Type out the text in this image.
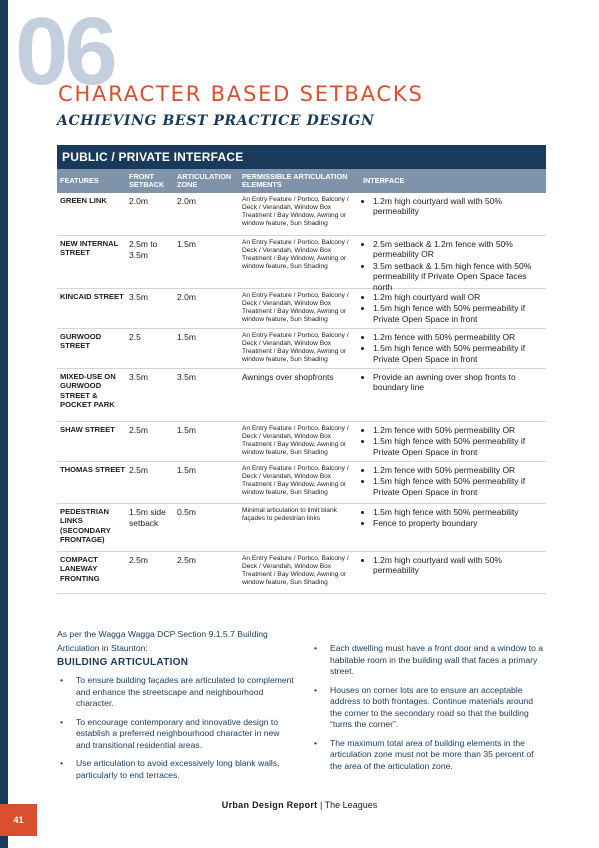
06
CHARACTER BASED SETBACKS
ACHIEVING BEST PRACTICE DESIGN
PUBLIC / PRIVATE INTERFACE
FEATURES	FRONT SETBACK
ARTICULATION ZONE
PERMISSIBLE ARTICULATION ELEMENTS	INTERFACE
GREEN LINK	2.0m	2.0m	An Entry Feature / Portico, Balcony / Deck / Verandah, Window Box Treatment / Bay Window, Awning or window feature, Sun Shading
• 1.2m high courtyard wall with 50% permeability
NEW INTERNAL STREET
2.5m to 3.5m
1.5m	An Entry Feature / Portico, Balcony / Deck / Verandah, Window Box Treatment / Bay Window, Awning or window feature, Sun Shading
• 2.5m setback & 1.2m fence with 50% permeability OR
• 3.5m setback & 1.5m high fence with 50% permeability if Private Open Space faces north
KINCAID STREET 3.5m	2.0m	An Entry Feature / Portico, Balcony / Deck / Verandah, Window Box Treatment / Bay Window, Awning or window feature, Sun Shading
• 1.2m high courtyard wall OR
• 1.5m high fence with 50% permeability if Private Open Space in front
GURWOOD STREET
2.5	1.5m	An Entry Feature / Portico, Balcony / Deck / Verandah, Window Box Treatment / Bay Window, Awning or window feature, Sun Shading
• 1.2m fence with 50% permeability OR
• 1.5m high fence with 50% permeability if Private Open Space in front
MIXED-USE ON GURWOOD STREET & POCKET PARK
3.5m	3.5m	Awnings over shopfronts
•	Provide an awning over shop fronts to boundary line
SHAW STREET	2.5m	1.5m	An Entry Feature / Portico, Balcony / Deck / Verandah, Window Box Treatment / Bay Window, Awning or window feature, Sun Shading
• 1.2m fence with 50% permeability OR
• 1.5m high fence with 50% permeability if Private Open Space in front
THOMAS STREET 2.5m	1.5m	An Entry Feature / Portico, Balcony / Deck / Verandah, Window Box Treatment / Bay Window, Awning or window feature, Sun Shading
• 1.2m fence with 50% permeability OR
• 1.5m high fence with 50% permeability if Private Open Space in front
PEDESTRIAN LINKS (SECONDARY FRONTAGE)
1.5m side setback
0.5m	Minimal articulation to limit blank façades to pedestrian links
• 1.5m high fence with 50% permeability
• Fence to property boundary
COMPACT LANEWAY FRONTING
2.5m	2.5m	An Entry Feature / Portico, Balcony / Deck / Verandah, Window Box Treatment / Bay Window, Awning or window feature, Sun Shading
• 1.2m high courtyard wall with 50% permeability
As per the Wagga Wagga DCP Section 9.1.5.7 Building Articulation in Staunton:
BUILDING ARTICULATION
• To ensure building façades are articulated to complement and enhance the streetscape and neighbourhood character.
• To encourage contemporary and innovative design to establish a preferred neighbourhood character in new and transitional residential areas.
• Use articulation to avoid excessively long blank walls, particularly to end terraces.
• Each dwelling must have a front door and a window to a habitable room in the building wall that faces a primary street.
• Houses on corner lots are to ensure an acceptable address to both frontages. Continue materials around the corner to the secondary road so that the building “turns the corner”.
• The maximum total area of building elements in the articulation zone must not be more than 35 percent of the area of the articulation zone.
Urban Design Report | The Leagues
41
